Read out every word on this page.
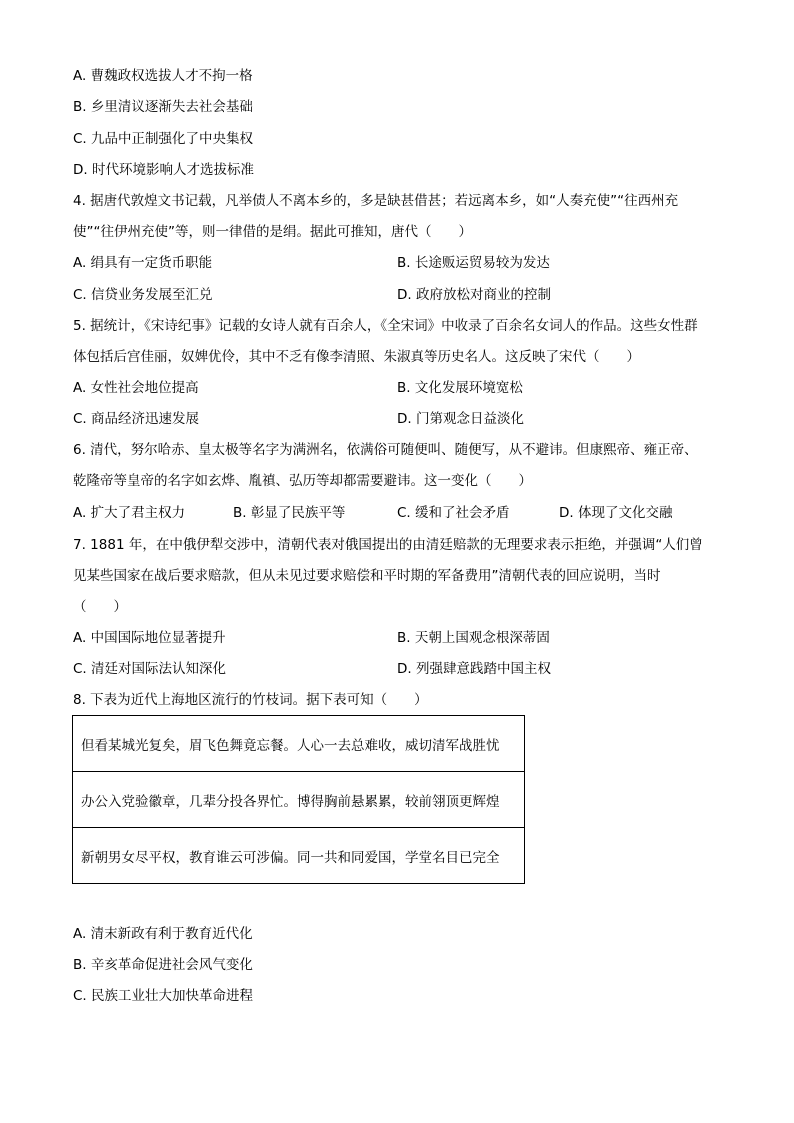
A. 曹魏政权选拔人才不拘一格
B. 乡里清议逐渐失去社会基础
C. 九品中正制强化了中央集权
D. 时代环境影响人才选拔标准
4. 据唐代敦煌文书记载，凡举债人不离本乡的，多是缺甚借甚；若远离本乡，如“人奏充使”“往西州充
使”“往伊州充使”等，则一律借的是绢。据此可推知，唐代（　　）
A. 绢具有一定货币职能	B. 长途贩运贸易较为发达
C. 信贷业务发展至汇兑	D. 政府放松对商业的控制
5. 据统计，《宋诗纪事》记载的女诗人就有百余人，《全宋词》中收录了百余名女词人的作品。这些女性群
体包括后宫佳丽，奴婢优伶，其中不乏有像李清照、朱淑真等历史名人。这反映了宋代（　　）
A. 女性社会地位提高	B. 文化发展环境宽松
C. 商品经济迅速发展	D. 门第观念日益淡化
6. 清代，努尔哈赤、皇太极等名字为满洲名，依满俗可随便叫、随便写，从不避讳。但康熙帝、雍正帝、
乾隆帝等皇帝的名字如玄烨、胤禛、弘历等却都需要避讳。这一变化（　　）
A. 扩大了君主权力	B. 彰显了民族平等	C. 缓和了社会矛盾	D. 体现了文化交融
7. 1881 年，在中俄伊犁交涉中，清朝代表对俄国提出的由清廷赔款的无理要求表示拒绝，并强调“人们曾
见某些国家在战后要求赔款，但从未见过要求赔偿和平时期的军备费用”清朝代表的回应说明，当时
（　　）
A. 中国国际地位显著提升	B. 天朝上国观念根深蒂固
C. 清廷对国际法认知深化	D. 列强肆意践踏中国主权
8. 下表为近代上海地区流行的竹枝词。据下表可知（　　）
但看某城光复矣，眉飞色舞竟忘餐。人心一去总难收，威切清军战胜忧
办公入党验徽章，几辈分投各界忙。博得胸前悬累累，较前翎顶更辉煌
新朝男女尽平权，教育谁云可涉偏。同一共和同爱国，学堂名目已完全
A. 清末新政有利于教育近代化
B. 辛亥革命促进社会风气变化
C. 民族工业壮大加快革命进程
